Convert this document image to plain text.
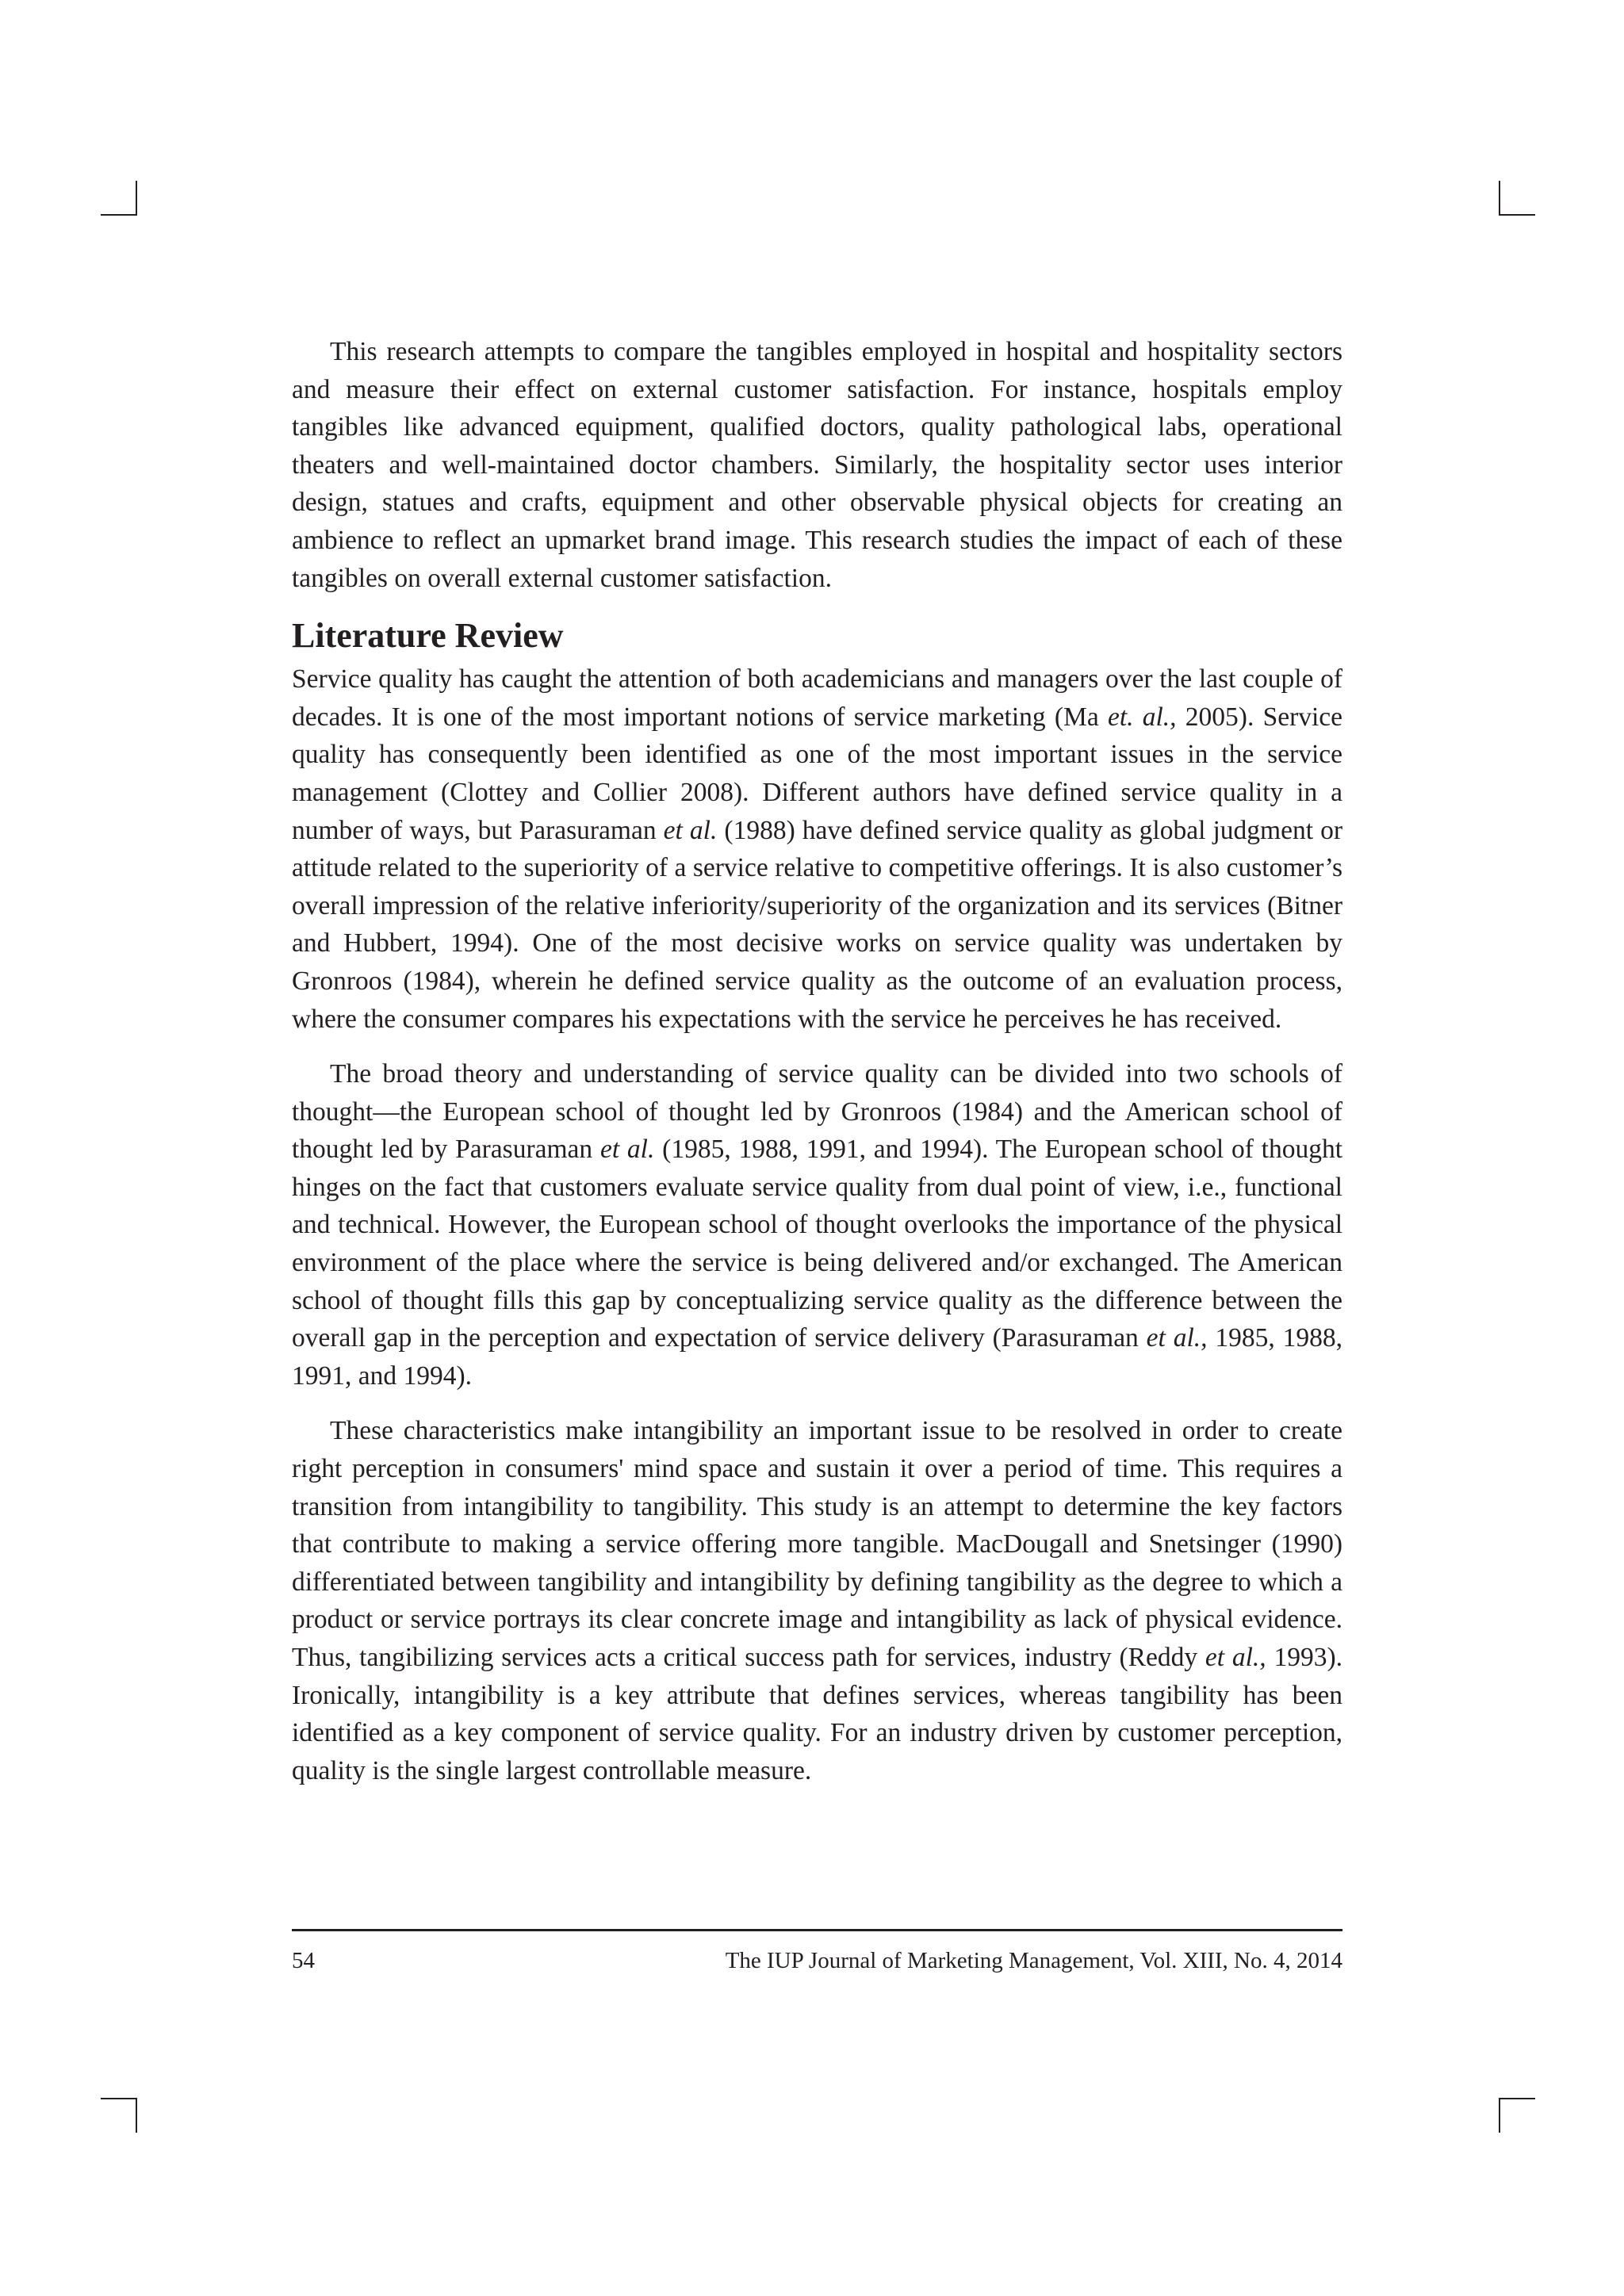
This research attempts to compare the tangibles employed in hospital and hospitality sectors and measure their effect on external customer satisfaction. For instance, hospitals employ tangibles like advanced equipment, qualified doctors, quality pathological labs, operational theaters and well-maintained doctor chambers. Similarly, the hospitality sector uses interior design, statues and crafts, equipment and other observable physical objects for creating an ambience to reflect an upmarket brand image. This research studies the impact of each of these tangibles on overall external customer satisfaction.

Literature Review

Service quality has caught the attention of both academicians and managers over the last couple of decades. It is one of the most important notions of service marketing (Ma et. al., 2005). Service quality has consequently been identified as one of the most important issues in the service management (Clottey and Collier 2008). Different authors have defined service quality in a number of ways, but Parasuraman et al. (1988) have defined service quality as global judgment or attitude related to the superiority of a service relative to competitive offerings. It is also customer’s overall impression of the relative inferiority/superiority of the organization and its services (Bitner and Hubbert, 1994). One of the most decisive works on service quality was undertaken by Gronroos (1984), wherein he defined service quality as the outcome of an evaluation process, where the consumer compares his expectations with the service he perceives he has received.

The broad theory and understanding of service quality can be divided into two schools of thought—the European school of thought led by Gronroos (1984) and the American school of thought led by Parasuraman et al. (1985, 1988, 1991, and 1994). The European school of thought hinges on the fact that customers evaluate service quality from dual point of view, i.e., functional and technical. However, the European school of thought overlooks the importance of the physical environment of the place where the service is being delivered and/or exchanged. The American school of thought fills this gap by conceptualizing service quality as the difference between the overall gap in the perception and expectation of service delivery (Parasuraman et al., 1985, 1988, 1991, and 1994).

These characteristics make intangibility an important issue to be resolved in order to create right perception in consumers' mind space and sustain it over a period of time. This requires a transition from intangibility to tangibility. This study is an attempt to determine the key factors that contribute to making a service offering more tangible. MacDougall and Snetsinger (1990) differentiated between tangibility and intangibility by defining tangibility as the degree to which a product or service portrays its clear concrete image and intangibility as lack of physical evidence. Thus, tangibilizing services acts a critical success path for services, industry (Reddy et al., 1993). Ironically, intangibility is a key attribute that defines services, whereas tangibility has been identified as a key component of service quality. For an industry driven by customer perception, quality is the single largest controllable measure.

54	The IUP Journal of Marketing Management, Vol. XIII, No. 4, 2014
